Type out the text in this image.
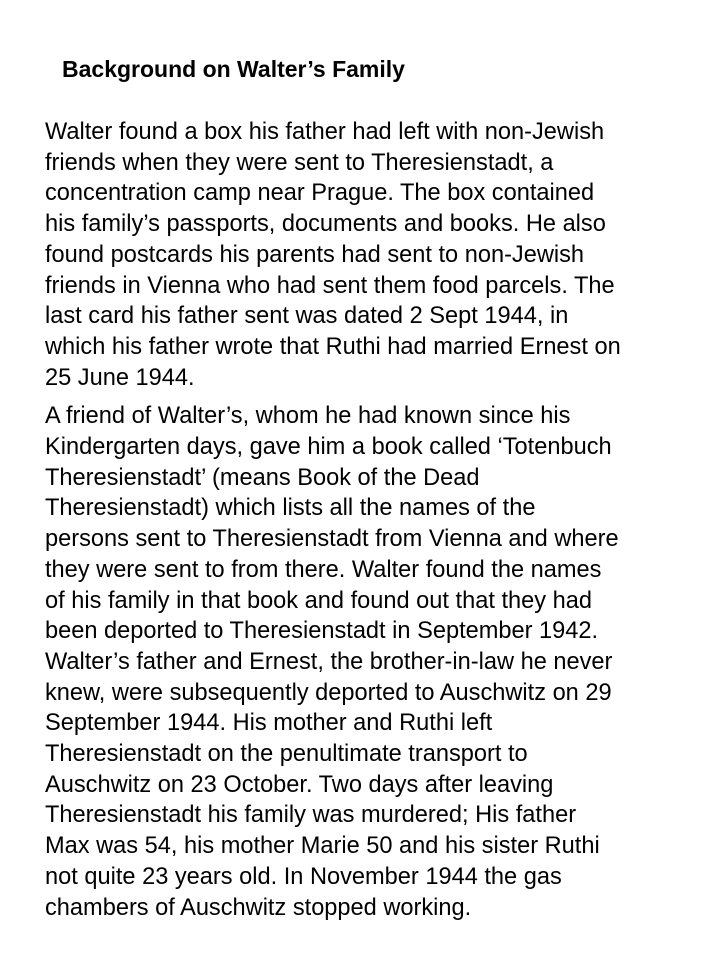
Background on Walter’s Family

Walter found a box his father had left with non-Jewish
friends when they were sent to Theresienstadt, a
concentration camp near Prague. The box contained
his family’s passports, documents and books. He also
found postcards his parents had sent to non-Jewish
friends in Vienna who had sent them food parcels. The
last card his father sent was dated 2 Sept 1944, in
which his father wrote that Ruthi had married Ernest on
25 June 1944.

A friend of Walter’s, whom he had known since his
Kindergarten days, gave him a book called ‘Totenbuch
Theresienstadt’ (means Book of the Dead
Theresienstadt) which lists all the names of the
persons sent to Theresienstadt from Vienna and where
they were sent to from there. Walter found the names
of his family in that book and found out that they had
been deported to Theresienstadt in September 1942.
Walter’s father and Ernest, the brother-in-law he never
knew, were subsequently deported to Auschwitz on 29
September 1944. His mother and Ruthi left
Theresienstadt on the penultimate transport to
Auschwitz on 23 October. Two days after leaving
Theresienstadt his family was murdered; His father
Max was 54, his mother Marie 50 and his sister Ruthi
not quite 23 years old. In November 1944 the gas
chambers of Auschwitz stopped working.
